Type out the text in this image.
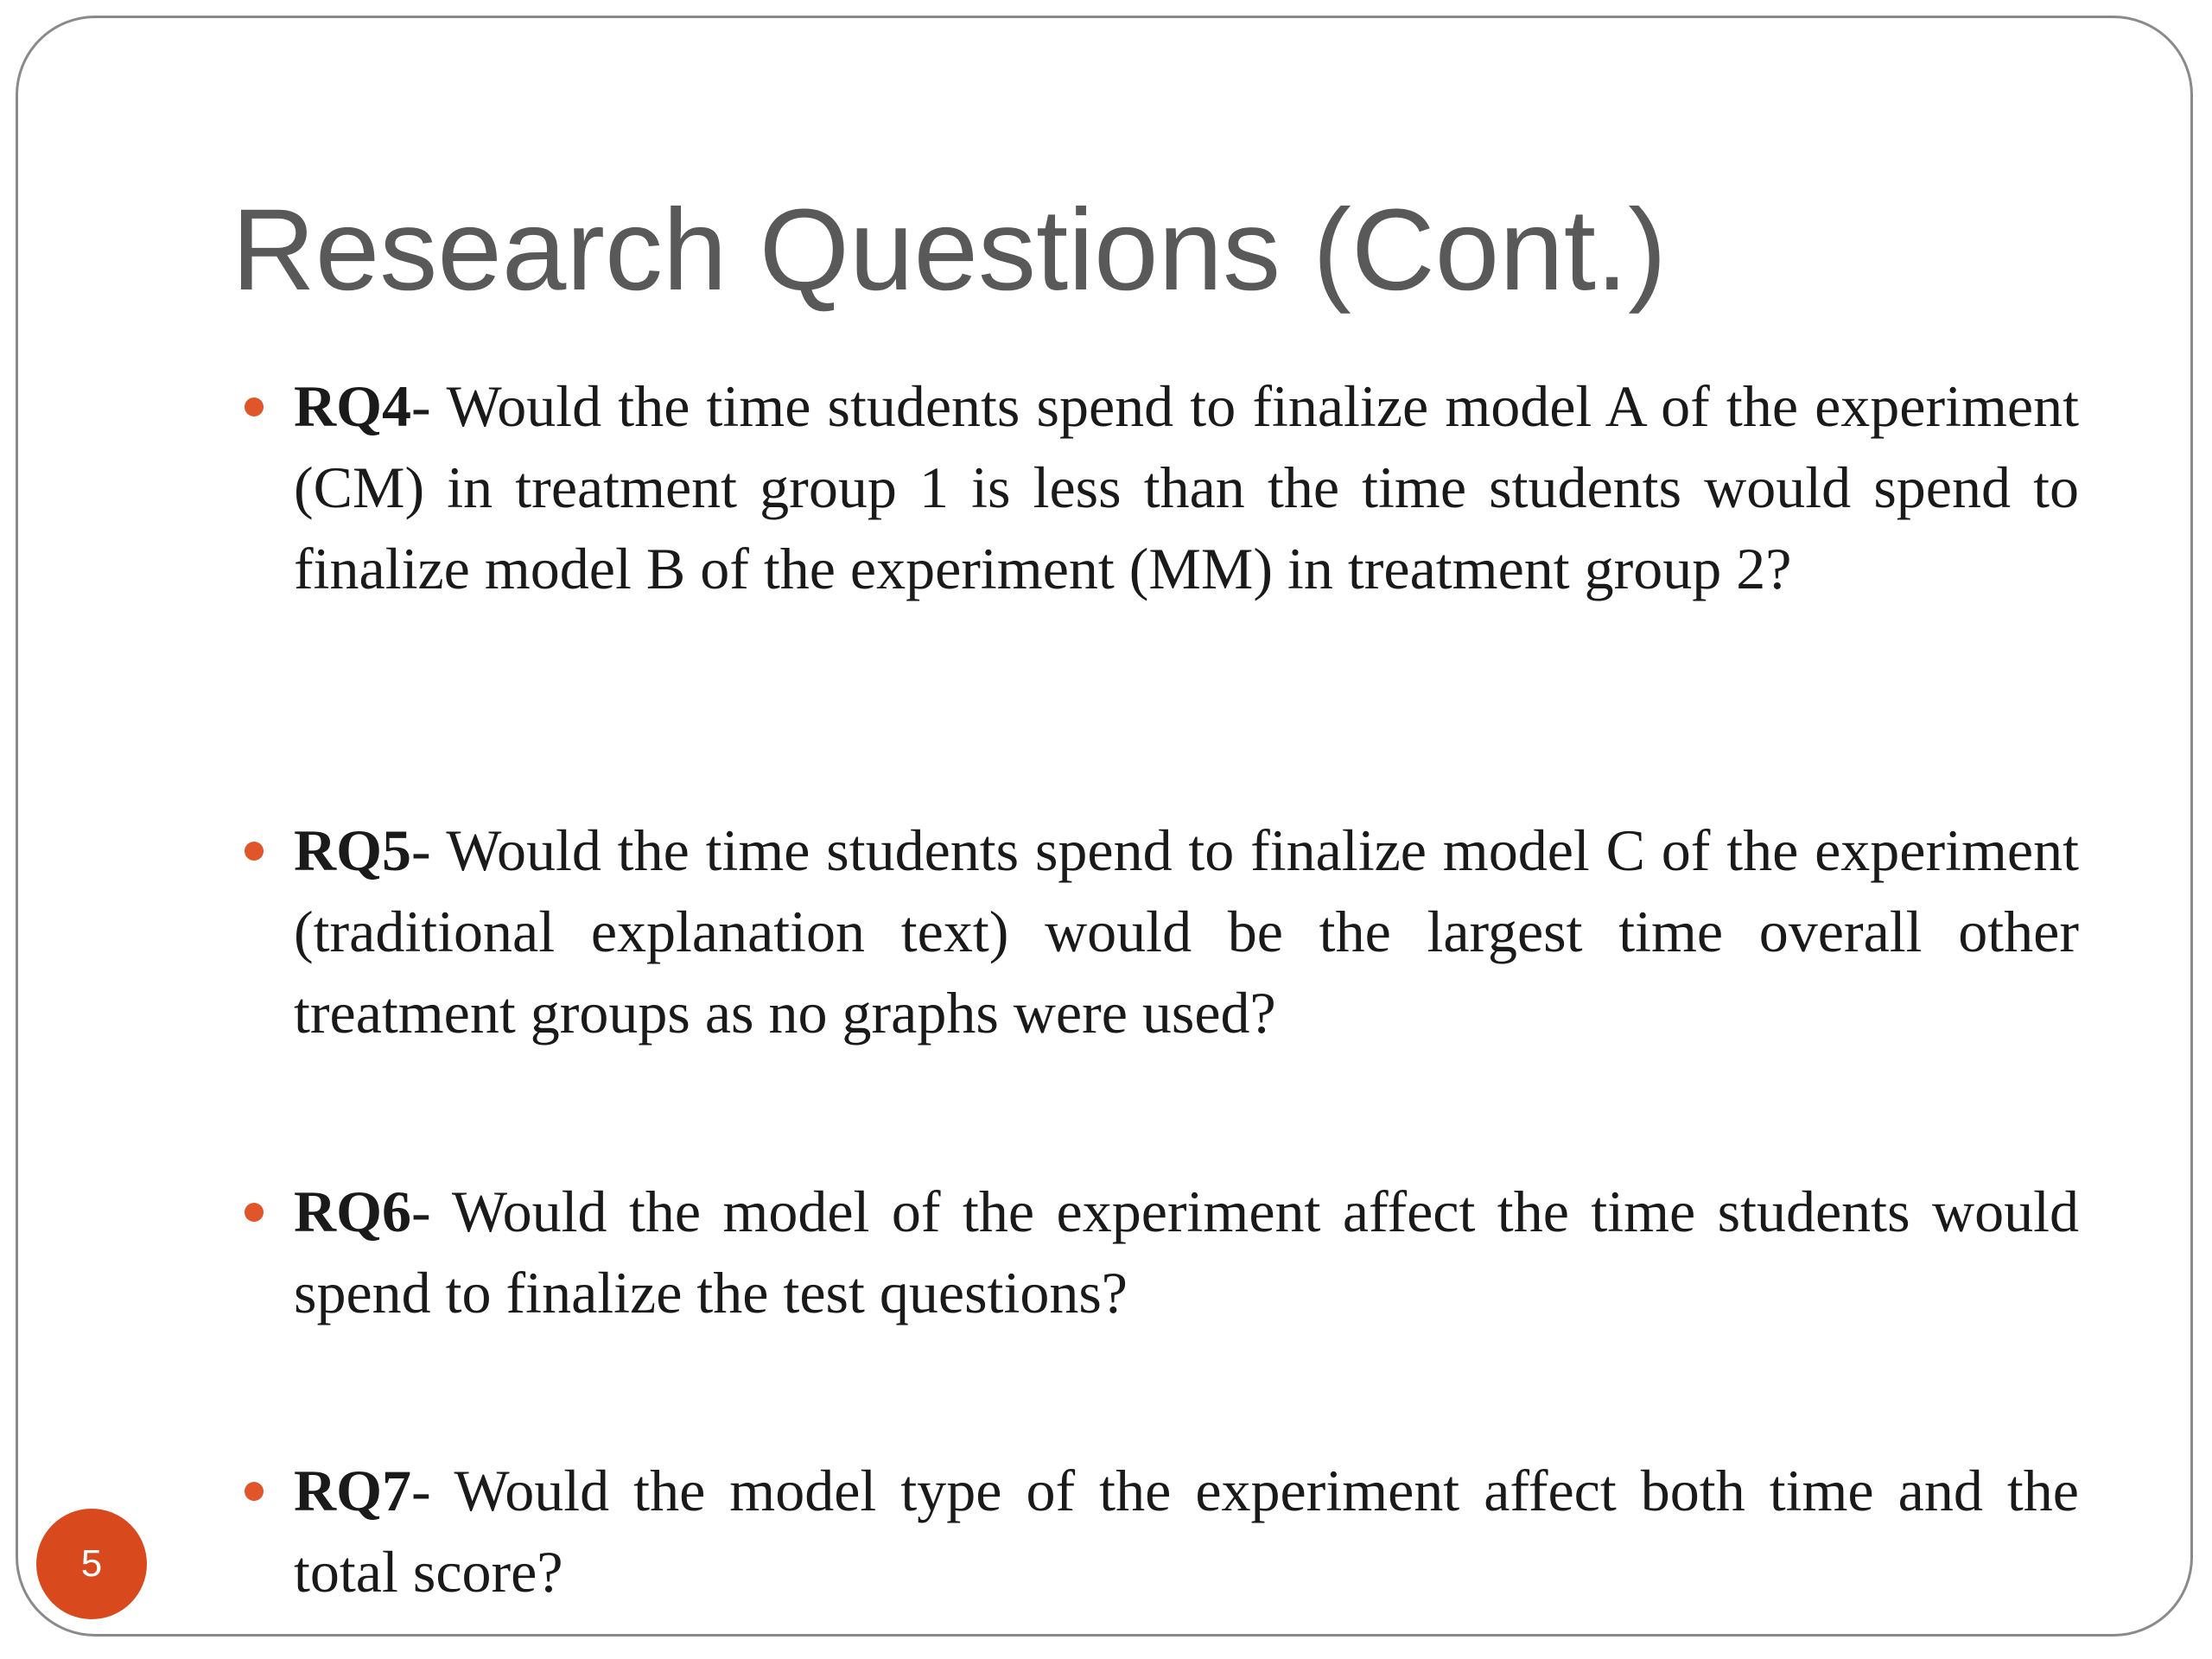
Research Questions (Cont.)
RQ4- Would the time students spend to finalize model A of the experiment (CM) in treatment group 1 is less than the time students would spend to finalize model B of the experiment (MM) in treatment group 2?
RQ5- Would the time students spend to finalize model C of the experiment (traditional explanation text) would be the largest time overall other treatment groups as no graphs were used?
RQ6- Would the model of the experiment affect the time students would spend to finalize the test questions?
RQ7- Would the model type of the experiment affect both time and the total score?
5
